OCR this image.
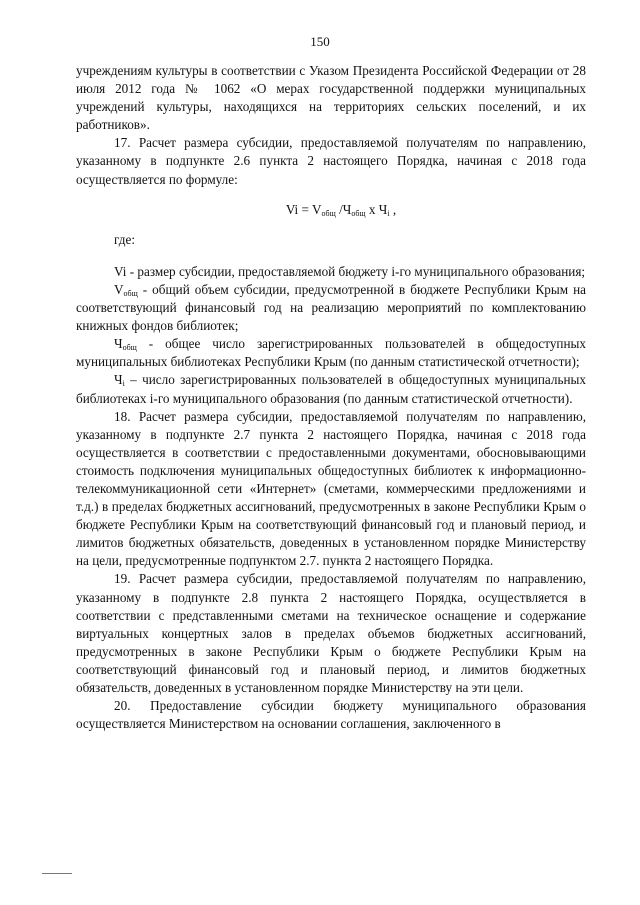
150

учреждениям культуры в соответствии с Указом Президента Российской Федерации от 28 июля 2012 года № 1062 «О мерах государственной поддержки муниципальных учреждений культуры, находящихся на территориях сельских поселений, и их работников».

17. Расчет размера субсидии, предоставляемой получателям по направлению, указанному в подпункте 2.6 пункта 2 настоящего Порядка, начиная с 2018 года осуществляется по формуле:

$Vi = V_{общ}$ $/Ч_{общ}$ x $Ч_i$ ,

где:

Vi - размер субсидии, предоставляемой бюджету i-го муниципального образования;

$V_{общ}$ - общий объем субсидии, предусмотренной в бюджете Республики Крым на соответствующий финансовый год на реализацию мероприятий по комплектованию книжных фондов библиотек;

$Ч_{общ}$ - общее число зарегистрированных пользователей в общедоступных муниципальных библиотеках Республики Крым (по данным статистической отчетности);

$Ч_i$ – число зарегистрированных пользователей в общедоступных муниципальных библиотеках i-го муниципального образования (по данным статистической отчетности).

18. Расчет размера субсидии, предоставляемой получателям по направлению, указанному в подпункте 2.7 пункта 2 настоящего Порядка, начиная с 2018 года осуществляется в соответствии с предоставленными документами, обосновывающими стоимость подключения муниципальных общедоступных библиотек к информационно-телекоммуникационной сети «Интернет» (сметами, коммерческими предложениями и т.д.) в пределах бюджетных ассигнований, предусмотренных в законе Республики Крым о бюджете Республики Крым на соответствующий финансовый год и плановый период, и лимитов бюджетных обязательств, доведенных в установленном порядке Министерству на цели, предусмотренные подпунктом 2.7. пункта 2 настоящего Порядка.

19. Расчет размера субсидии, предоставляемой получателям по направлению, указанному в подпункте 2.8 пункта 2 настоящего Порядка, осуществляется в соответствии с представленными сметами на техническое оснащение и содержание виртуальных концертных залов в пределах объемов бюджетных ассигнований, предусмотренных в законе Республики Крым о бюджете Республики Крым на соответствующий финансовый год и плановый период, и лимитов бюджетных обязательств, доведенных в установленном порядке Министерству на эти цели.

20. Предоставление субсидии бюджету муниципального образования осуществляется Министерством на основании соглашения, заключенного в
